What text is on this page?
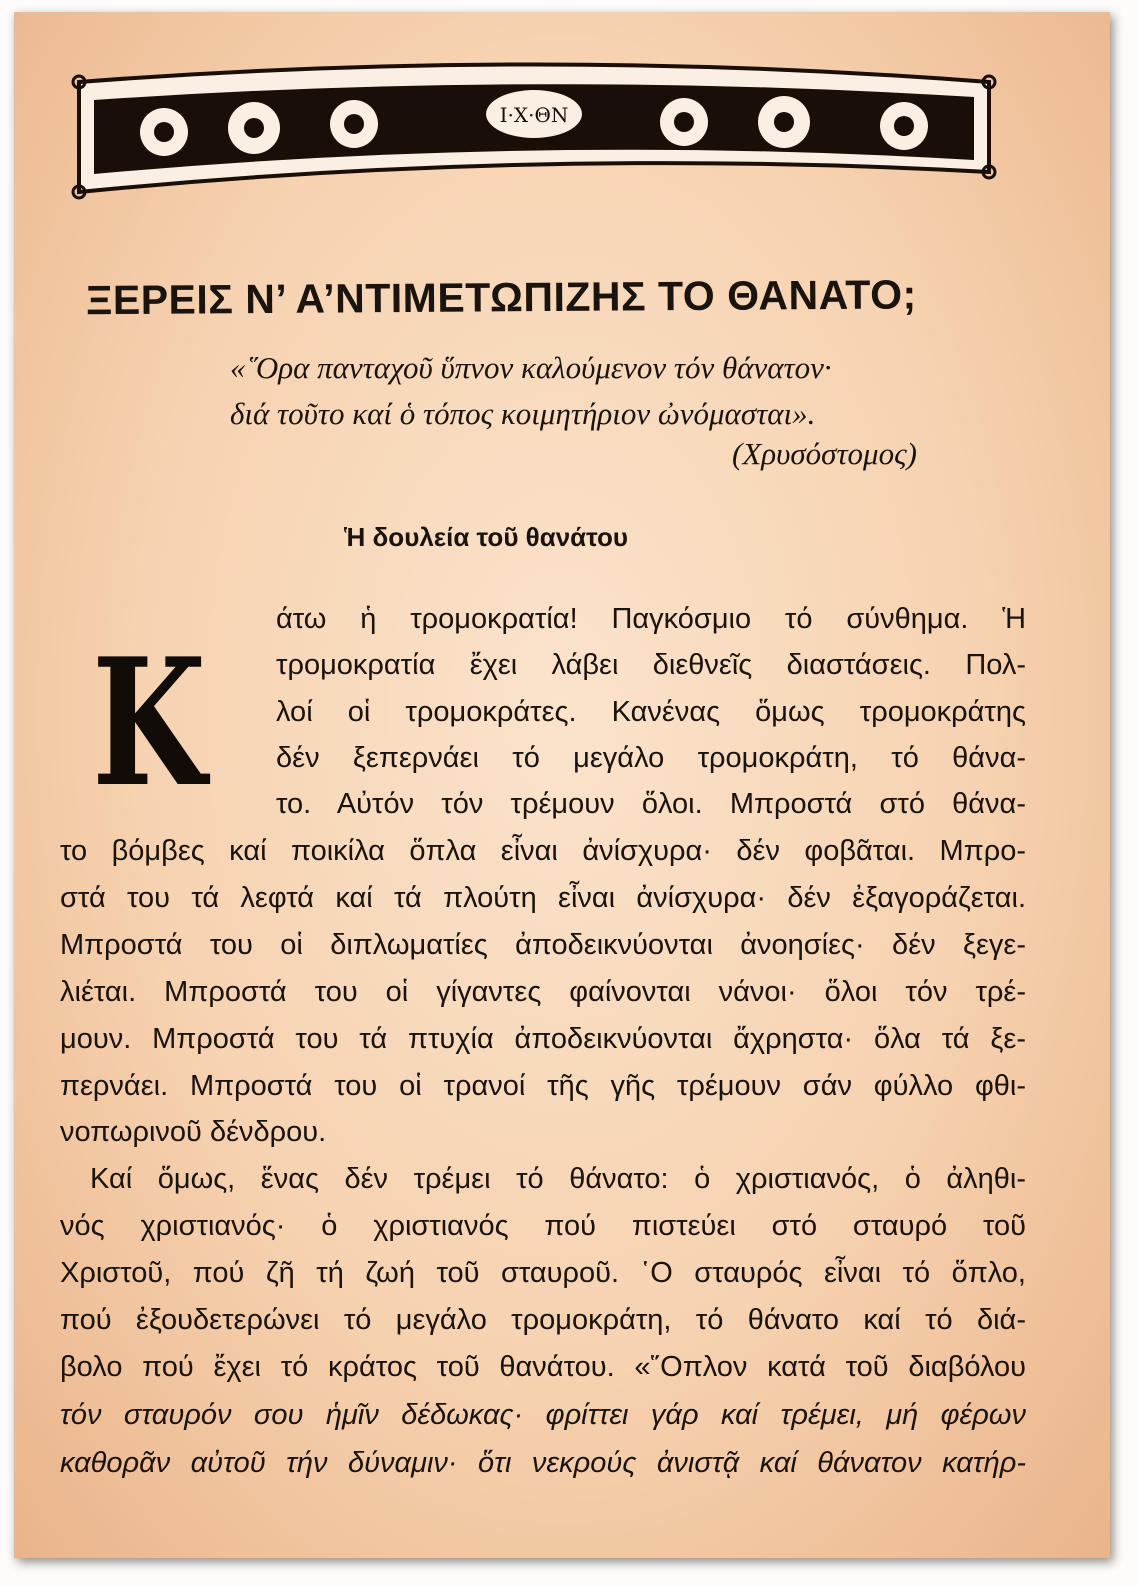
Ι·Χ·ΘΝ
ΞΕΡΕΙΣ Ν’ Α’ΝΤΙΜΕΤΩΠΙΖΗΣ ΤΟ ΘΑΝΑΤΟ;
«῞Ορα πανταχοῦ ὕπνον καλούμενον τόν θάνατον·
διά τοῦτο καί ὁ τόπος κοιμητήριον ὠνόμασται».
(Χρυσόστομος)
Ἡ δουλεία τοῦ θανάτου
Κ
άτω ἡ τρομοκρατία! Παγκόσμιο τό σύνθημα. Ἡ
τρομοκρατία ἔχει λάβει διεθνεῖς διαστάσεις. Πολ-
λοί οἱ τρομοκράτες. Κανένας ὅμως τρομοκράτης
δέν ξεπερνάει τό μεγάλο τρομοκράτη, τό θάνα-
το. Αὐτόν τόν τρέμουν ὅλοι. Μπροστά στό θάνα-
το βόμβες καί ποικίλα ὅπλα εἶναι ἀνίσχυρα· δέν φοβᾶται. Μπρο-
στά του τά λεφτά καί τά πλούτη εἶναι ἀνίσχυρα· δέν ἐξαγοράζεται.
Μπροστά του οἱ διπλωματίες ἀποδεικνύονται ἀνοησίες· δέν ξεγε-
λιέται. Μπροστά του οἱ γίγαντες φαίνονται νάνοι· ὅλοι τόν τρέ-
μουν. Μπροστά του τά πτυχία ἀποδεικνύονται ἄχρηστα· ὅλα τά ξε-
περνάει. Μπροστά του οἱ τρανοί τῆς γῆς τρέμουν σάν φύλλο φθι-
νοπωρινοῦ δένδρου.
Καί ὅμως, ἕνας δέν τρέμει τό θάνατο: ὁ χριστιανός, ὁ ἀληθι-
νός χριστιανός· ὁ χριστιανός πού πιστεύει στό σταυρό τοῦ
Χριστοῦ, πού ζῆ τή ζωή τοῦ σταυροῦ. ῾Ο σταυρός εἶναι τό ὅπλο,
πού ἐξουδετερώνει τό μεγάλο τρομοκράτη, τό θάνατο καί τό διά-
βολο πού ἔχει τό κράτος τοῦ θανάτου. «῞Οπλον κατά τοῦ διαβόλου
τόν σταυρόν σου ἡμῖν δέδωκας· φρίττει γάρ καί τρέμει, μή φέρων
καθορᾶν αὐτοῦ τήν δύναμιν· ὅτι νεκρούς ἀνιστᾷ καί θάνατον κατήρ-
